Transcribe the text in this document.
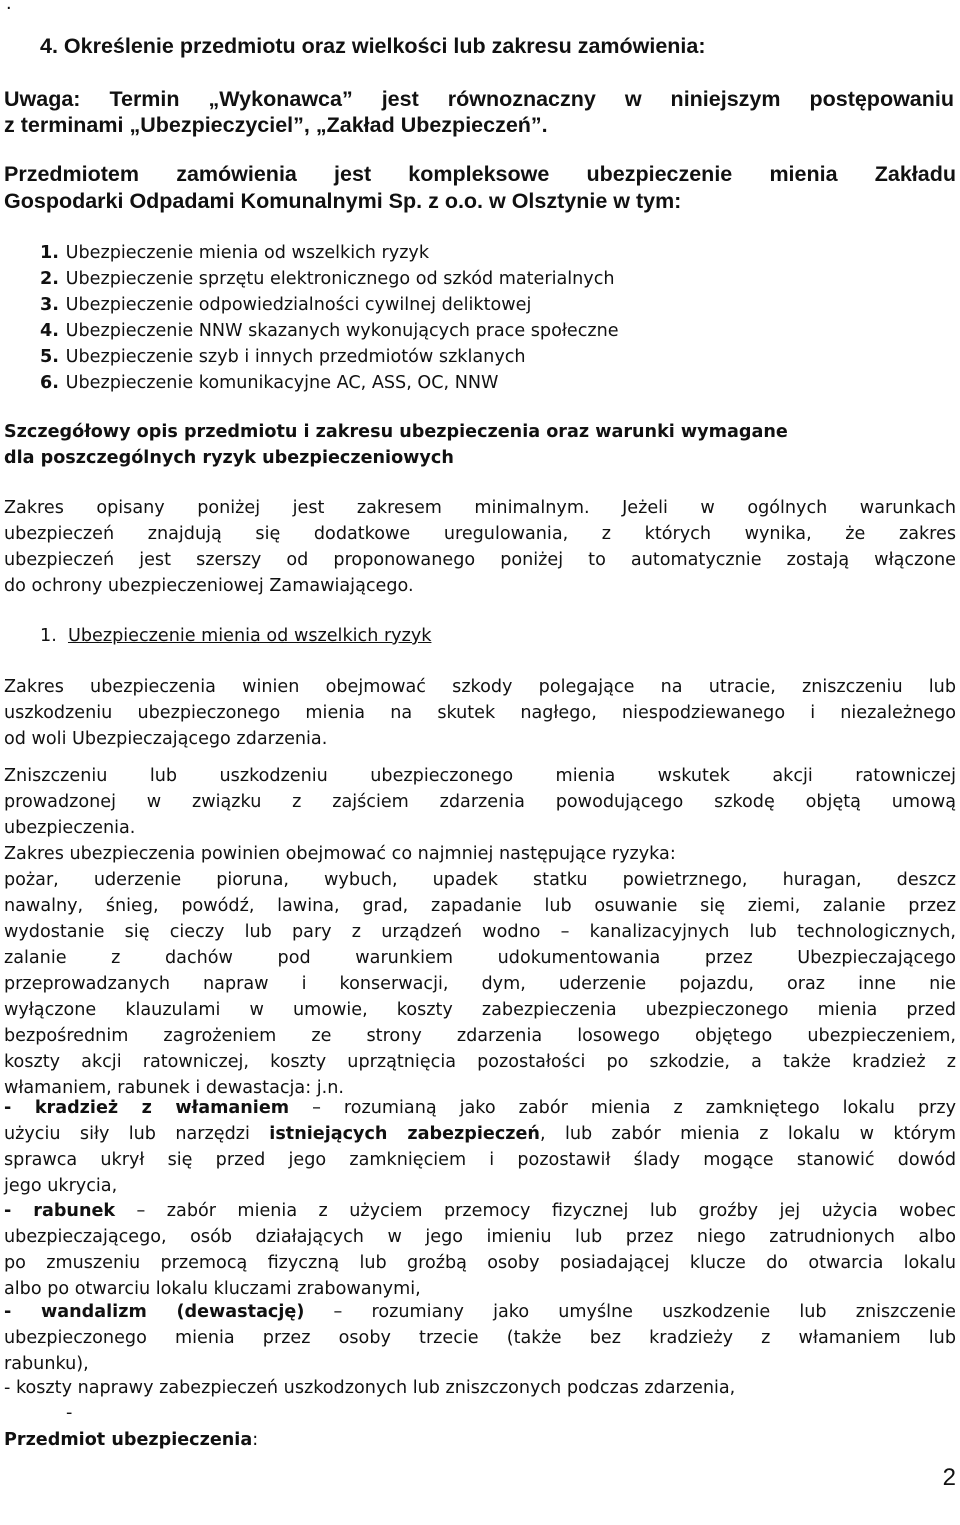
.
4. Określenie przedmiotu oraz wielkości lub zakresu zamówienia:
Uwaga: Termin „Wykonawca” jest równoznaczny w niniejszym postępowaniu
z terminami „Ubezpieczyciel”, „Zakład Ubezpieczeń”.
Przedmiotem zamówienia jest kompleksowe ubezpieczenie mienia Zakładu
Gospodarki Odpadami Komunalnymi Sp. z o.o. w Olsztynie w tym:
1. Ubezpieczenie mienia od wszelkich ryzyk
2. Ubezpieczenie sprzętu elektronicznego od szkód materialnych
3. Ubezpieczenie odpowiedzialności cywilnej deliktowej
4. Ubezpieczenie NNW skazanych wykonujących prace społeczne
5. Ubezpieczenie szyb i innych przedmiotów szklanych
6. Ubezpieczenie komunikacyjne AC, ASS, OC, NNW
Szczegółowy opis przedmiotu i zakresu ubezpieczenia oraz warunki wymagane
dla poszczególnych ryzyk ubezpieczeniowych
Zakres opisany poniżej jest zakresem minimalnym. Jeżeli w ogólnych warunkach
ubezpieczeń znajdują się dodatkowe uregulowania, z których wynika, że zakres
ubezpieczeń jest szerszy od proponowanego poniżej to automatycznie zostają włączone
do ochrony ubezpieczeniowej Zamawiającego.
1. Ubezpieczenie mienia od wszelkich ryzyk
Zakres ubezpieczenia winien obejmować szkody polegające na utracie, zniszczeniu lub
uszkodzeniu ubezpieczonego mienia na skutek nagłego, niespodziewanego i niezależnego
od woli Ubezpieczającego zdarzenia.
Zniszczeniu lub uszkodzeniu ubezpieczonego mienia wskutek akcji ratowniczej
prowadzonej w związku z zajściem zdarzenia powodującego szkodę objętą umową
ubezpieczenia.
Zakres ubezpieczenia powinien obejmować co najmniej następujące ryzyka:
pożar, uderzenie pioruna, wybuch, upadek statku powietrznego, huragan, deszcz
nawalny, śnieg, powódź, lawina, grad, zapadanie lub osuwanie się ziemi, zalanie przez
wydostanie się cieczy lub pary z urządzeń wodno – kanalizacyjnych lub technologicznych,
zalanie z dachów pod warunkiem udokumentowania przez Ubezpieczającego
przeprowadzanych napraw i konserwacji, dym, uderzenie pojazdu, oraz inne nie
wyłączone klauzulami w umowie, koszty zabezpieczenia ubezpieczonego mienia przed
bezpośrednim zagrożeniem ze strony zdarzenia losowego objętego ubezpieczeniem,
koszty akcji ratowniczej, koszty uprzątnięcia pozostałości po szkodzie, a także kradzież z
włamaniem, rabunek i dewastacja: j.n.
- kradzież z włamaniem – rozumianą jako zabór mienia z zamkniętego lokalu przy
użyciu siły lub narzędzi istniejących zabezpieczeń, lub zabór mienia z lokalu w którym
sprawca ukrył się przed jego zamknięciem i pozostawił ślady mogące stanowić dowód
jego ukrycia,
- rabunek – zabór mienia z użyciem przemocy fizycznej lub groźby jej użycia wobec
ubezpieczającego, osób działających w jego imieniu lub przez niego zatrudnionych albo
po zmuszeniu przemocą fizyczną lub groźbą osoby posiadającej klucze do otwarcia lokalu
albo po otwarciu lokalu kluczami zrabowanymi,
- wandalizm (dewastację) – rozumiany jako umyślne uszkodzenie lub zniszczenie
ubezpieczonego mienia przez osoby trzecie (także bez kradzieży z włamaniem lub
rabunku),
- koszty naprawy zabezpieczeń uszkodzonych lub zniszczonych podczas zdarzenia,
-
Przedmiot ubezpieczenia:
2
